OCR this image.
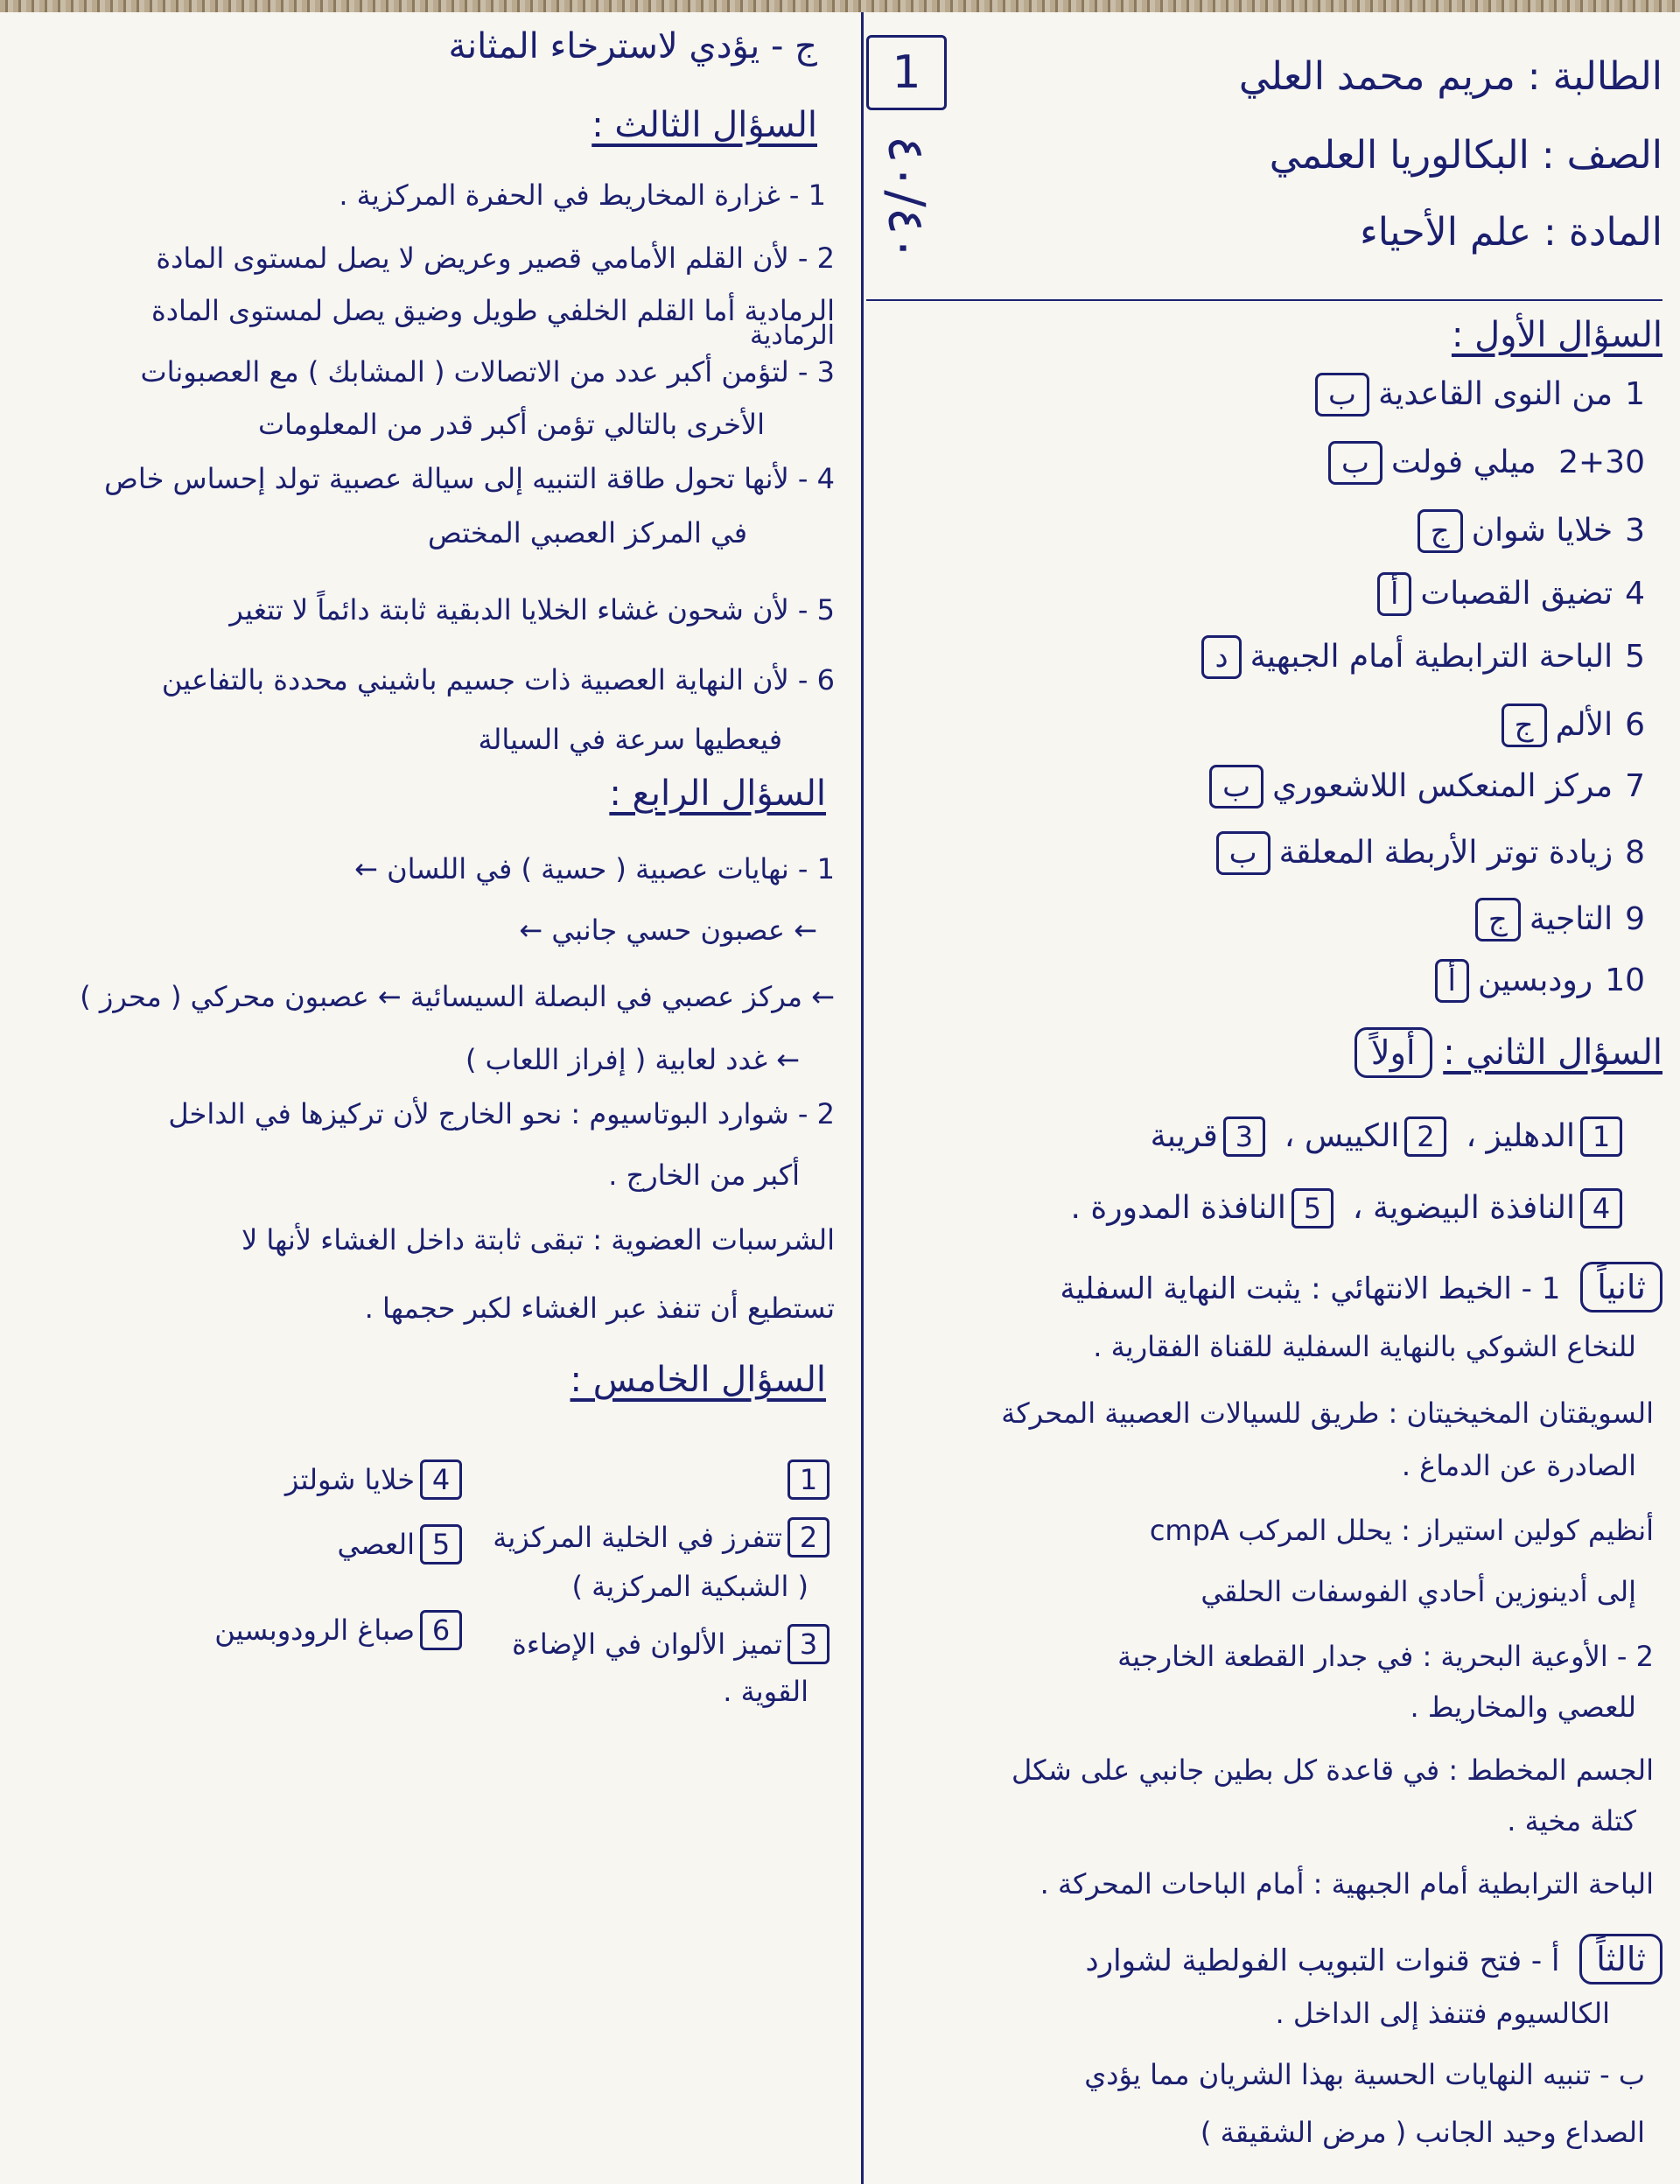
1
٤٠/٤٠
الطالبة : مريم محمد العلي
الصف : البكالوريا العلمي
المادة : علم الأحياء
السؤال الأول :
1من النوى القاعديةب
2+30 ميلي فولتب
3خلايا شوانج
4تضيق القصباتأ
5الباحة الترابطية أمام الجبهيةد
6الألمج
7مركز المنعكس اللاشعوريب
8زيادة توتر الأربطة المعلقةب
9التاجيةج
10رودبسينأ
السؤال الثاني : أولاً
1الدهليز ،2الكييس ،3قريبة
4النافذة البيضوية ،5النافذة المدورة .
ثانياً 1 - الخيط الانتهائي : يثبت النهاية السفلية
للنخاع الشوكي بالنهاية السفلية للقناة الفقارية .
السويقتان المخيخيتان : طريق للسيالات العصبية المحركة
الصادرة عن الدماغ .
أنظيم كولين استيراز : يحلل المركب cmpA
إلى أدينوزين أحادي الفوسفات الحلقي
2 - الأوعية البحرية : في جدار القطعة الخارجية
للعصي والمخاريط .
الجسم المخطط : في قاعدة كل بطين جانبي على شكل
كتلة مخية .
الباحة الترابطية أمام الجبهية : أمام الباحات المحركة .
ثالثاً أ - فتح قنوات التبويب الفولطية لشوارد
الكالسيوم فتنفذ إلى الداخل .
ب - تنبيه النهايات الحسية بهذا الشريان مما يؤدي
الصداع وحيد الجانب ( مرض الشقيقة )
ج - يؤدي لاسترخاء المثانة
السؤال الثالث :
1 - غزارة المخاريط في الحفرة المركزية .
2 - لأن القلم الأمامي قصير وعريض لا يصل لمستوى المادة
الرمادية أما القلم الخلفي طويل وضيق يصل لمستوى المادة
الرمادية
3 - لتؤمن أكبر عدد من الاتصالات ( المشابك ) مع العصبونات
الأخرى بالتالي تؤمن أكبر قدر من المعلومات
4 - لأنها تحول طاقة التنبيه إلى سيالة عصبية تولد إحساس خاص
في المركز العصبي المختص
5 - لأن شحون غشاء الخلايا الدبقية ثابتة دائماً لا تتغير
6 - لأن النهاية العصبية ذات جسيم باشيني محددة بالتفاعين
فيعطيها سرعة في السيالة
السؤال الرابع :
1 - نهايات عصبية ( حسية ) في اللسان ←
← عصبون حسي جانبي ←
← مركز عصبي في البصلة السيسائية ← عصبون محركي ( محرز )
← غدد لعابية ( إفراز اللعاب )
2 - شوارد البوتاسيوم : نحو الخارج لأن تركيزها في الداخل
أكبر من الخارج .
الشرسبات العضوية : تبقى ثابتة داخل الغشاء لأنها لا
تستطيع أن تنفذ عبر الغشاء لكبر حجمها .
السؤال الخامس :
1
2تتفرز في الخلية المركزية
( الشبكية المركزية )
3تميز الألوان في الإضاءة
القوية .
4خلايا شولتز
5العصي
6صباغ الرودوبسين
